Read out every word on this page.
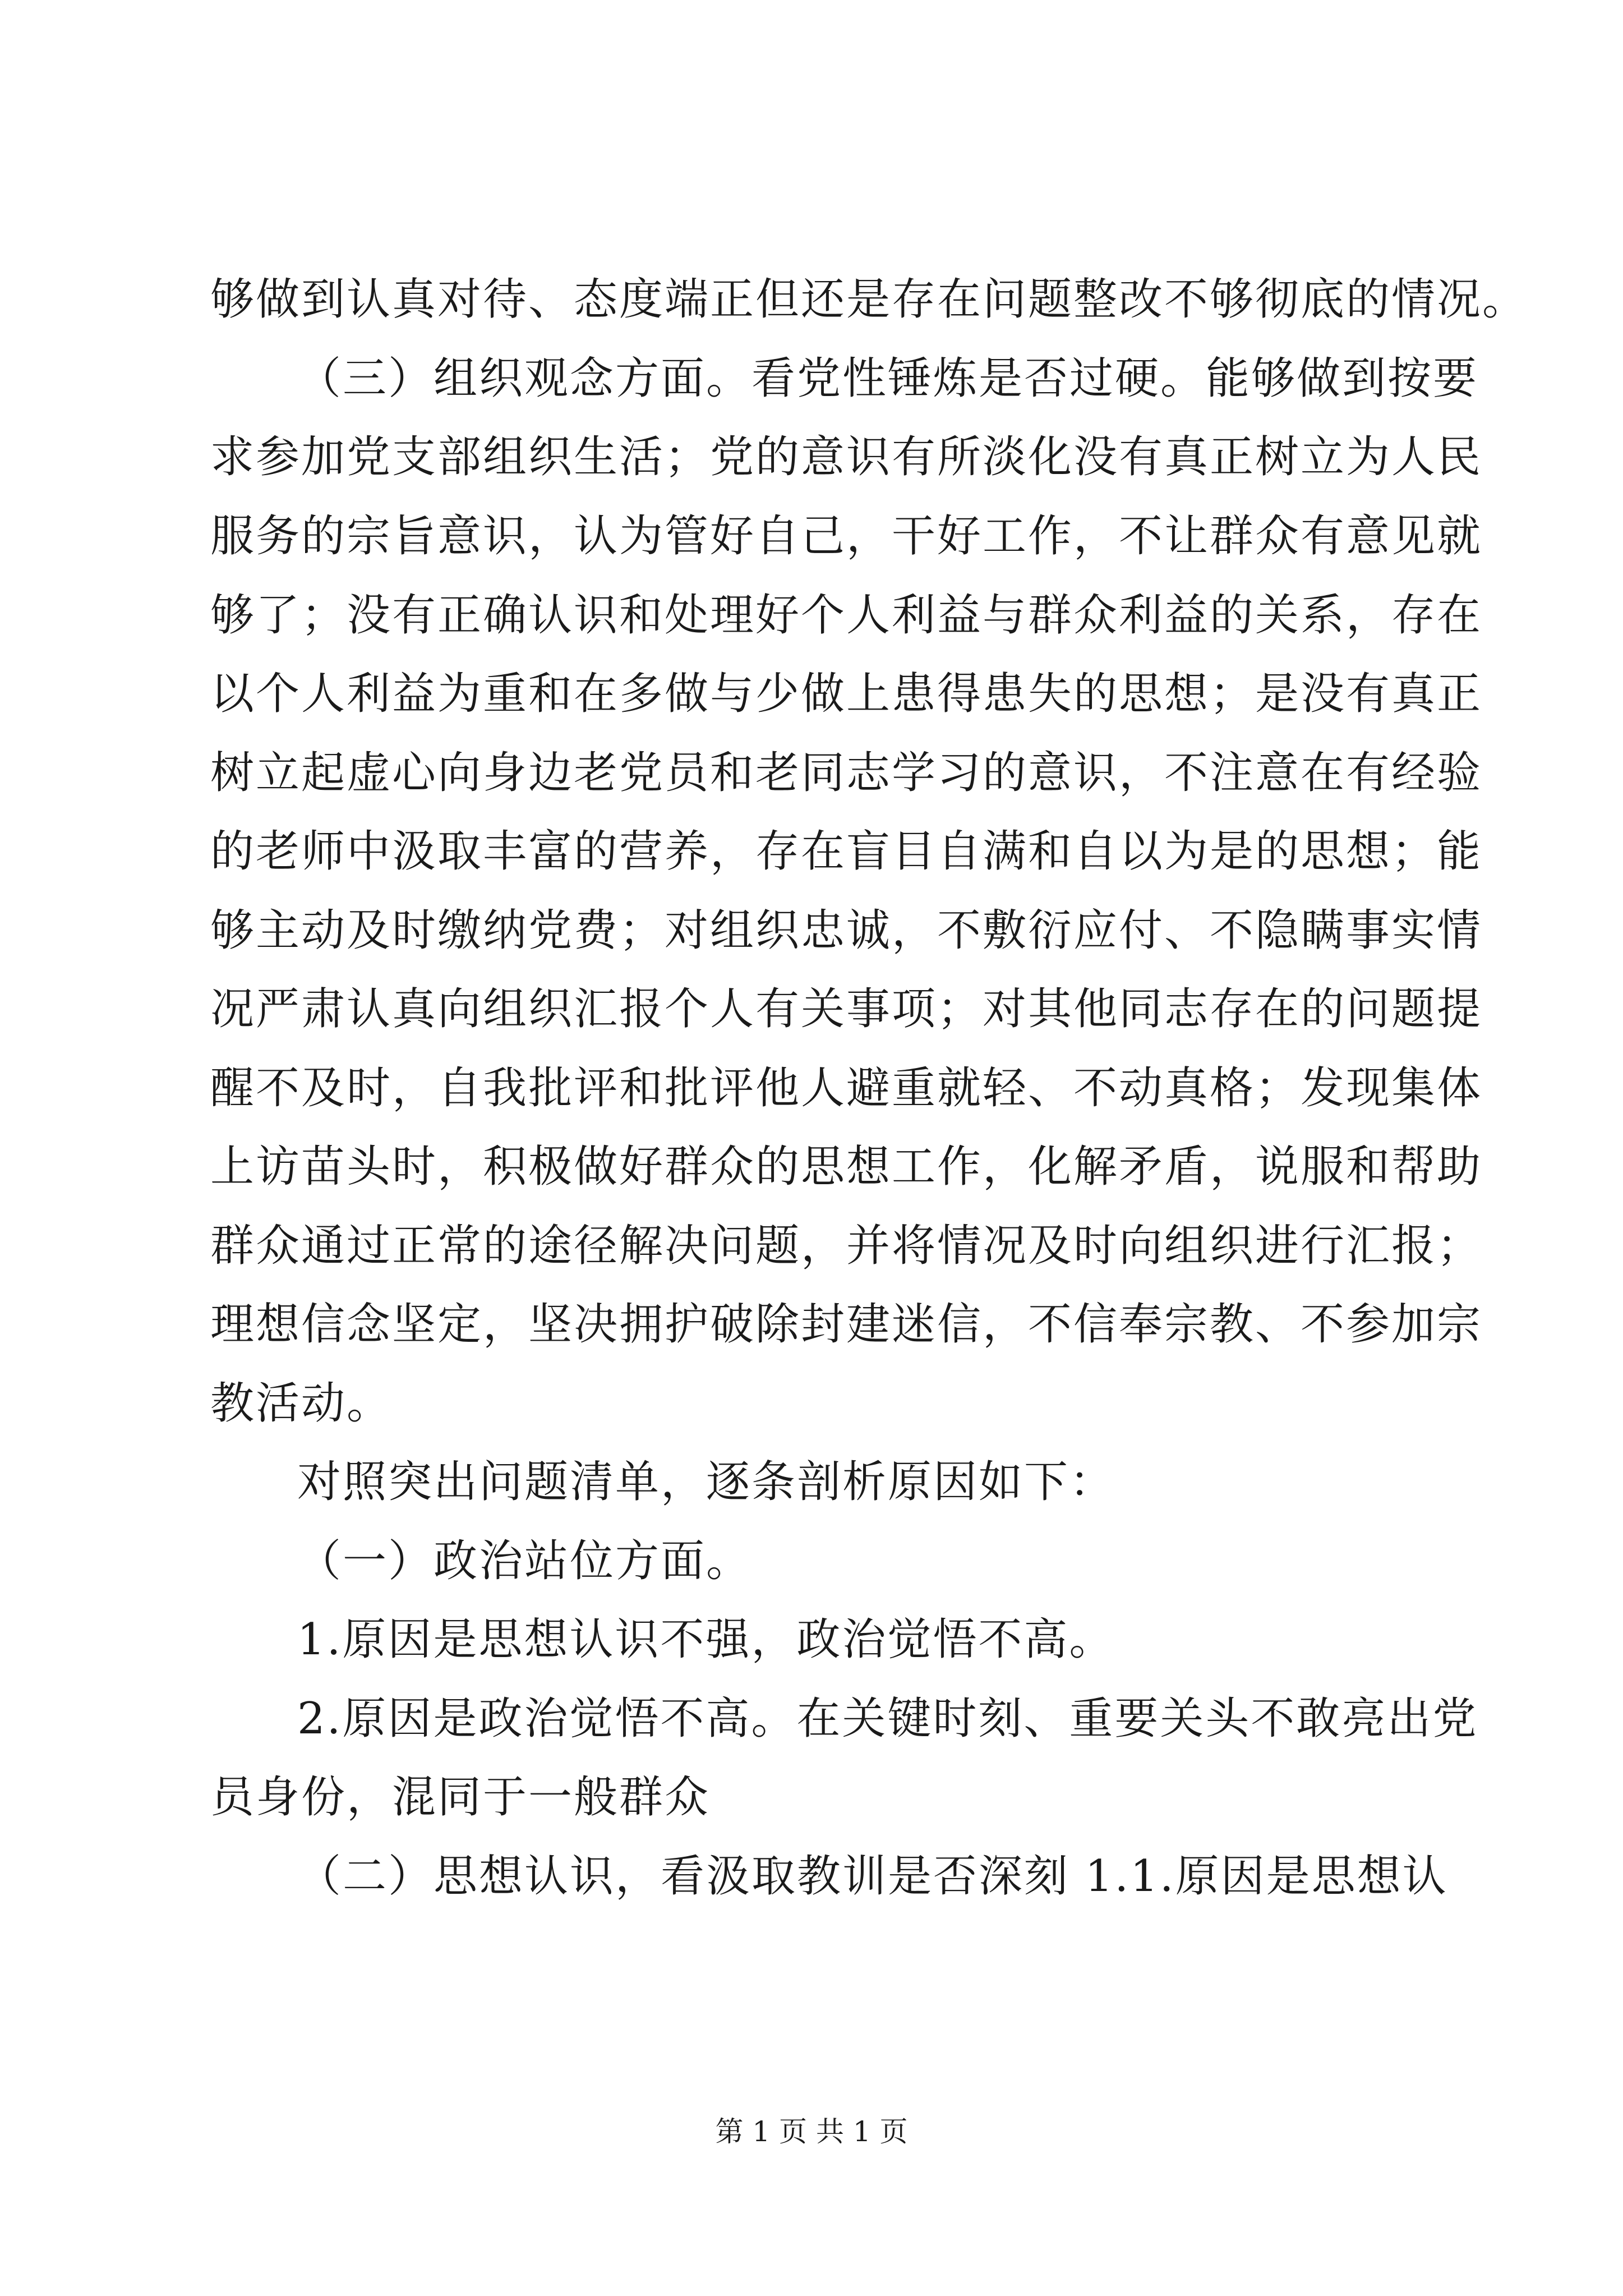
够做到认真对待、态度端正但还是存在问题整改不够彻底的情况。
（三）组织观念方面。看党性锤炼是否过硬。能够做到按要
求参加党支部组织生活；党的意识有所淡化没有真正树立为人民
服务的宗旨意识，认为管好自己，干好工作，不让群众有意见就
够了；没有正确认识和处理好个人利益与群众利益的关系，存在
以个人利益为重和在多做与少做上患得患失的思想；是没有真正
树立起虚心向身边老党员和老同志学习的意识，不注意在有经验
的老师中汲取丰富的营养，存在盲目自满和自以为是的思想；能
够主动及时缴纳党费；对组织忠诚，不敷衍应付、不隐瞒事实情
况严肃认真向组织汇报个人有关事项；对其他同志存在的问题提
醒不及时，自我批评和批评他人避重就轻、不动真格；发现集体
上访苗头时，积极做好群众的思想工作，化解矛盾，说服和帮助
群众通过正常的途径解决问题，并将情况及时向组织进行汇报；
理想信念坚定，坚决拥护破除封建迷信，不信奉宗教、不参加宗
教活动。
对照突出问题清单，逐条剖析原因如下：
（一）政治站位方面。
1.原因是思想认识不强，政治觉悟不高。
2.原因是政治觉悟不高。在关键时刻、重要关头不敢亮出党
员身份，混同于一般群众
（二）思想认识，看汲取教训是否深刻 1.1.原因是思想认
第 1 页 共 1 页
